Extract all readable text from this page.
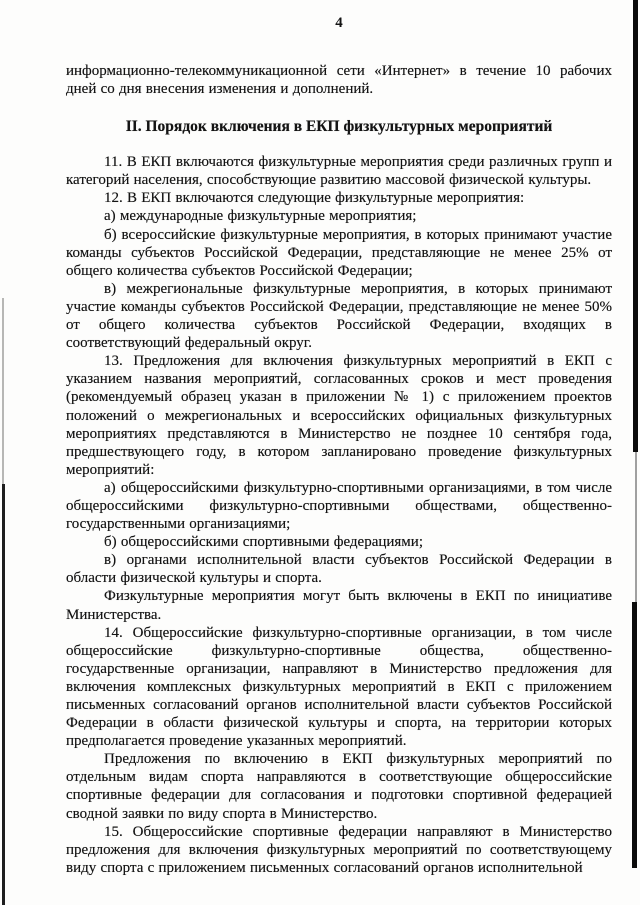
4

информационно-телекоммуникационной сети «Интернет» в течение 10 рабочих дней со дня внесения изменения и дополнений.

II. Порядок включения в ЕКП физкультурных мероприятий

11. В ЕКП включаются физкультурные мероприятия среди различных групп и категорий населения, способствующие развитию массовой физической культуры.

12. В ЕКП включаются следующие физкультурные мероприятия:

а) международные физкультурные мероприятия;

б) всероссийские физкультурные мероприятия, в которых принимают участие команды субъектов Российской Федерации, представляющие не менее 25% от общего количества субъектов Российской Федерации;

в) межрегиональные физкультурные мероприятия, в которых принимают участие команды субъектов Российской Федерации, представляющие не менее 50% от общего количества субъектов Российской Федерации, входящих в соответствующий федеральный округ.

13. Предложения для включения физкультурных мероприятий в ЕКП с указанием названия мероприятий, согласованных сроков и мест проведения (рекомендуемый образец указан в приложении № 1) с приложением проектов положений о межрегиональных и всероссийских официальных физкультурных мероприятиях представляются в Министерство не позднее 10 сентября года, предшествующего году, в котором запланировано проведение физкультурных мероприятий:

а) общероссийскими физкультурно-спортивными организациями, в том числе общероссийскими физкультурно-спортивными обществами, общественно-государственными организациями;

б) общероссийскими спортивными федерациями;

в) органами исполнительной власти субъектов Российской Федерации в области физической культуры и спорта.

Физкультурные мероприятия могут быть включены в ЕКП по инициативе Министерства.

14. Общероссийские физкультурно-спортивные организации, в том числе общероссийские физкультурно-спортивные общества, общественно-государственные организации, направляют в Министерство предложения для включения комплексных физкультурных мероприятий в ЕКП с приложением письменных согласований органов исполнительной власти субъектов Российской Федерации в области физической культуры и спорта, на территории которых предполагается проведение указанных мероприятий.

Предложения по включению в ЕКП физкультурных мероприятий по отдельным видам спорта направляются в соответствующие общероссийские спортивные федерации для согласования и подготовки спортивной федерацией сводной заявки по виду спорта в Министерство.

15. Общероссийские спортивные федерации направляют в Министерство предложения для включения физкультурных мероприятий по соответствующему виду спорта с приложением письменных согласований органов исполнительной
